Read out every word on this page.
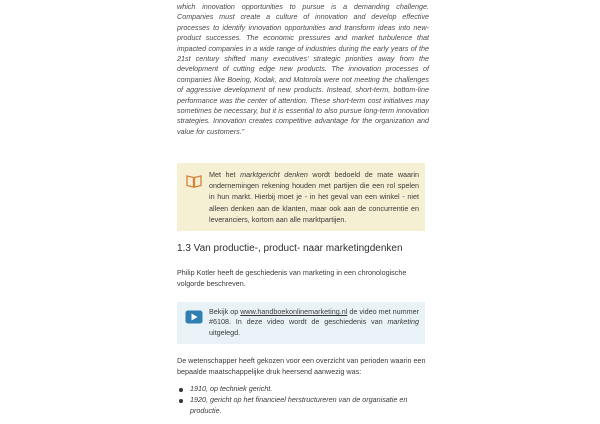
which innovation opportunities to pursue is a demanding challenge. Companies must create a culture of innovation and develop effective processes to identify innovation opportunities and transform ideas into new-product successes. The economic pressures and market turbulence that impacted companies in a wide range of industries during the early years of the 21st century shifted many executives’ strategic priorities away from the development of cutting edge new products. The innovation processes of companies like Boeing, Kodak, and Motorola were not meeting the challenges of aggressive development of new products. Instead, short-term, bottom-line performance was the center of attention. These short-term cost initiatives may sometimes be necessary, but it is essential to also pursue long-term innovation strategies. Innovation creates competitive advantage for the organization and value for customers.”

Met het marktgericht denken wordt bedoeld de mate waarin ondernemingen rekening houden met partijen die een rol spelen in hun markt. Hierbij moet je - in het geval van een winkel - niet alleen denken aan de klanten, maar ook aan de concurrentie en leveranciers, kortom aan alle marktpartijen.
1.3 Van productie-, product- naar marketingdenken

Philip Kotler heeft de geschiedenis van marketing in een chronologische volgorde beschreven.

Bekijk op www.handboekonlinemarketing.nl de video met nummer #6108. In deze video wordt de geschiedenis van marketing uitgelegd.

De wetenschapper heeft gekozen voor een overzicht van perioden waarin een bepaalde maatschappelijke druk heersend aanwezig was:

1910, op techniek gericht.
1920, gericht op het financieel herstructureren van de organisatie en productie.
